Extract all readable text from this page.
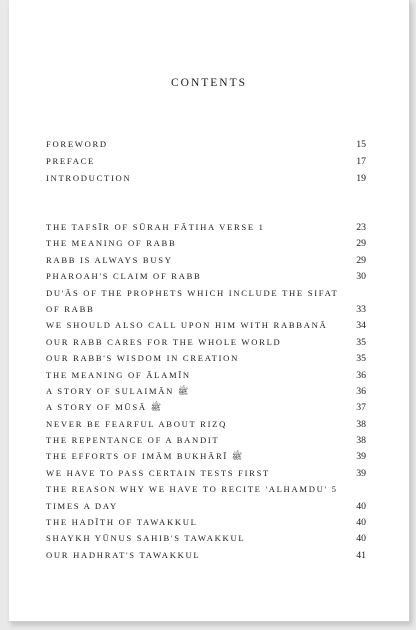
CONTENTS
FOREWORD	15
PREFACE	17
INTRODUCTION	19
THE TAFSĪR OF SŪRAH FĀTIHA VERSE 1	23
THE MEANING OF RABB	29
RABB IS ALWAYS BUSY	29
PHAROAH'S CLAIM OF RABB	30
DU'ĀS OF THE PROPHETS WHICH INCLUDE THE SIFAT
OF RABB	33
WE SHOULD ALSO CALL UPON HIM WITH RABBANĀ	34
OUR RABB CARES FOR THE WHOLE WORLD	35
OUR RABB'S WISDOM IN CREATION	35
THE MEANING OF ĀLAMĪN	36
A STORY OF SULAIMĀN ﷺ	36
A STORY OF MŪSĀ ﷺ	37
NEVER BE FEARFUL ABOUT RIZQ	38
THE REPENTANCE OF A BANDIT	38
THE EFFORTS OF IMĀM BUKHĀRĪ ﷺ	39
WE HAVE TO PASS CERTAIN TESTS FIRST	39
THE REASON WHY WE HAVE TO RECITE 'ALHAMDU' 5
TIMES A DAY	40
THE HADĪTH OF TAWAKKUL	40
SHAYKH YŪNUS SAHIB'S TAWAKKUL	40
OUR HADHRAT'S TAWAKKUL	41
